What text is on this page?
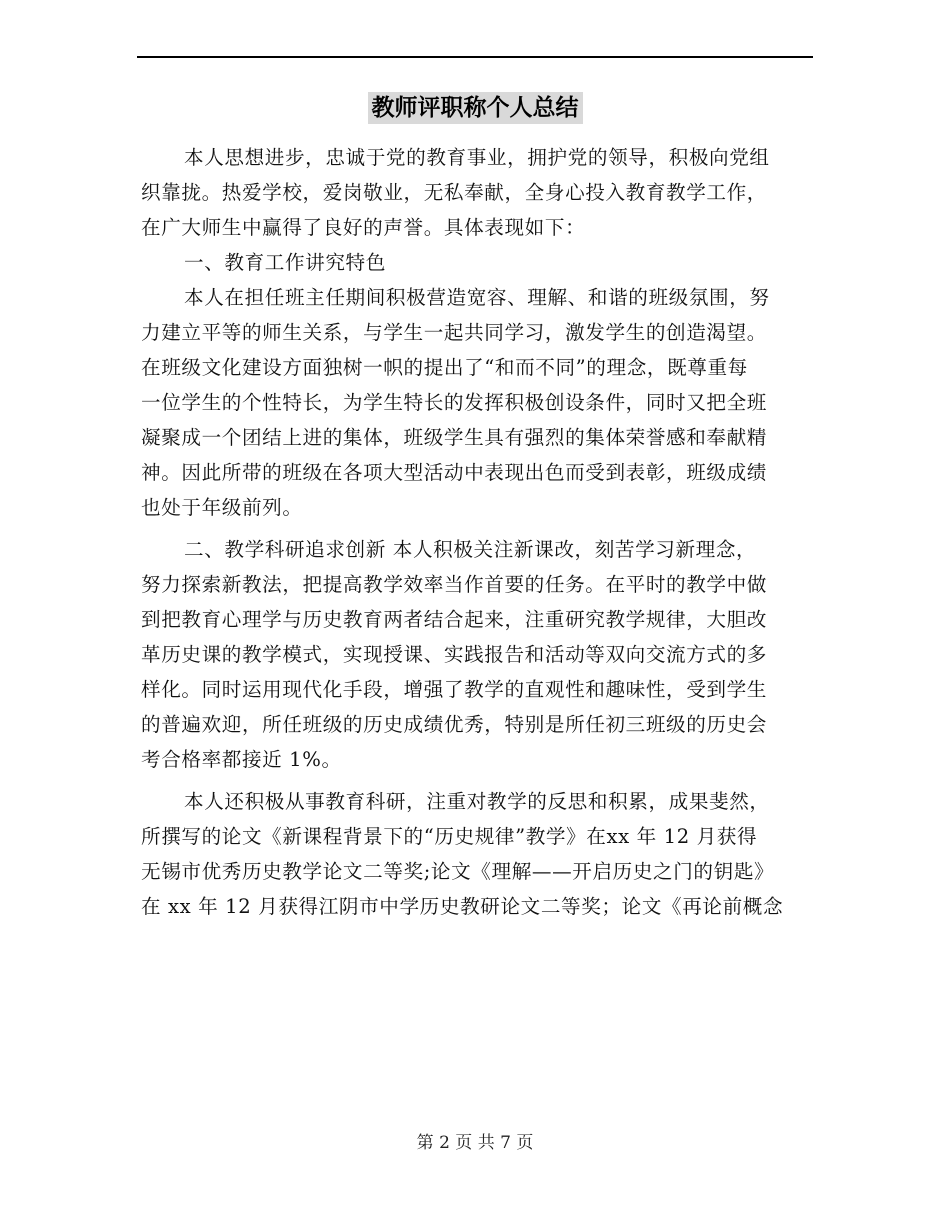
教师评职称个人总结
本人思想进步，忠诚于党的教育事业，拥护党的领导，积极向党组
织靠拢。热爱学校，爱岗敬业，无私奉献，全身心投入教育教学工作，
在广大师生中赢得了良好的声誉。具体表现如下：
一、教育工作讲究特色
本人在担任班主任期间积极营造宽容、理解、和谐的班级氛围，努
力建立平等的师生关系，与学生一起共同学习，激发学生的创造渴望。
在班级文化建设方面独树一帜的提出了“和而不同”的理念，既尊重每
一位学生的个性特长，为学生特长的发挥积极创设条件，同时又把全班
凝聚成一个团结上进的集体，班级学生具有强烈的集体荣誉感和奉献精
神。因此所带的班级在各项大型活动中表现出色而受到表彰，班级成绩
也处于年级前列。
二、教学科研追求创新 本人积极关注新课改，刻苦学习新理念，
努力探索新教法，把提高教学效率当作首要的任务。在平时的教学中做
到把教育心理学与历史教育两者结合起来，注重研究教学规律，大胆改
革历史课的教学模式，实现授课、实践报告和活动等双向交流方式的多
样化。同时运用现代化手段，增强了教学的直观性和趣味性，受到学生
的普遍欢迎，所任班级的历史成绩优秀，特别是所任初三班级的历史会
考合格率都接近 1%。
本人还积极从事教育科研，注重对教学的反思和积累，成果斐然，
所撰写的论文《新课程背景下的“历史规律”教学》在xx 年 12 月获得
无锡市优秀历史教学论文二等奖;论文《理解——开启历史之门的钥匙》
在 xx 年 12 月获得江阴市中学历史教研论文二等奖；论文《再论前概念
第 2 页 共 7 页
